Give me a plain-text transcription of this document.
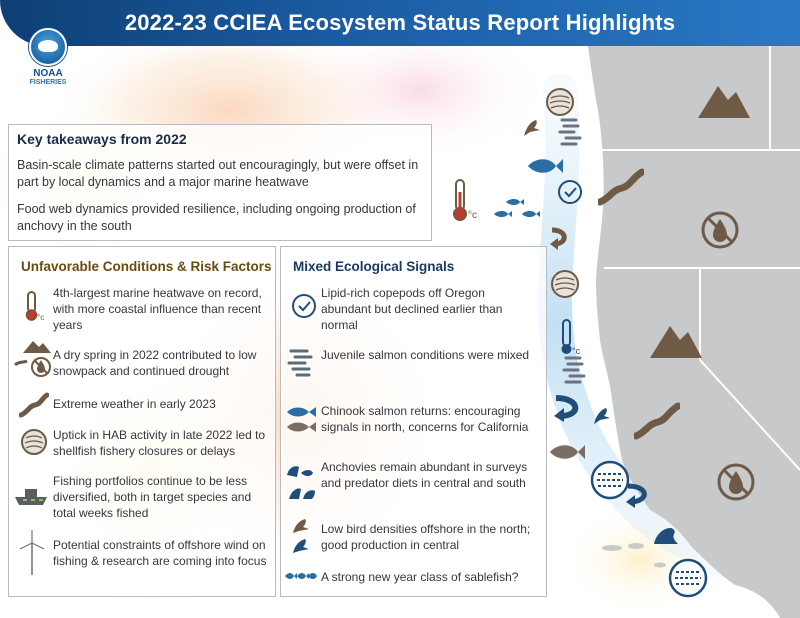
2022-23 CCIEA Ecosystem Status Report Highlights
NOAA
FISHERIES
°c
°c
Key takeaways from 2022
Basin-scale climate patterns started out encouragingly, but were offset in part by local dynamics and a major marine heatwave
Food web dynamics provided resilience, including ongoing production of anchovy in the south
Unfavorable Conditions & Risk Factors
°c
4th-largest marine heatwave on record, with more coastal influence than recent years
A dry spring in 2022 contributed to low snowpack and continued drought
Extreme weather in early 2023
Uptick in HAB activity in late 2022 led to shellfish fishery closures or delays
Fishing portfolios continue to be less diversified, both in target species and total weeks fished
Potential constraints of offshore wind on fishing & research are coming into focus
Mixed Ecological Signals
Lipid-rich copepods off Oregon abundant but declined earlier than normal
Juvenile salmon conditions were mixed
Chinook salmon returns: encouraging signals in north, concerns for California
Anchovies remain abundant in surveys and predator diets in central and south
Low bird densities offshore in the north; good production in central
A strong new year class of sablefish?
